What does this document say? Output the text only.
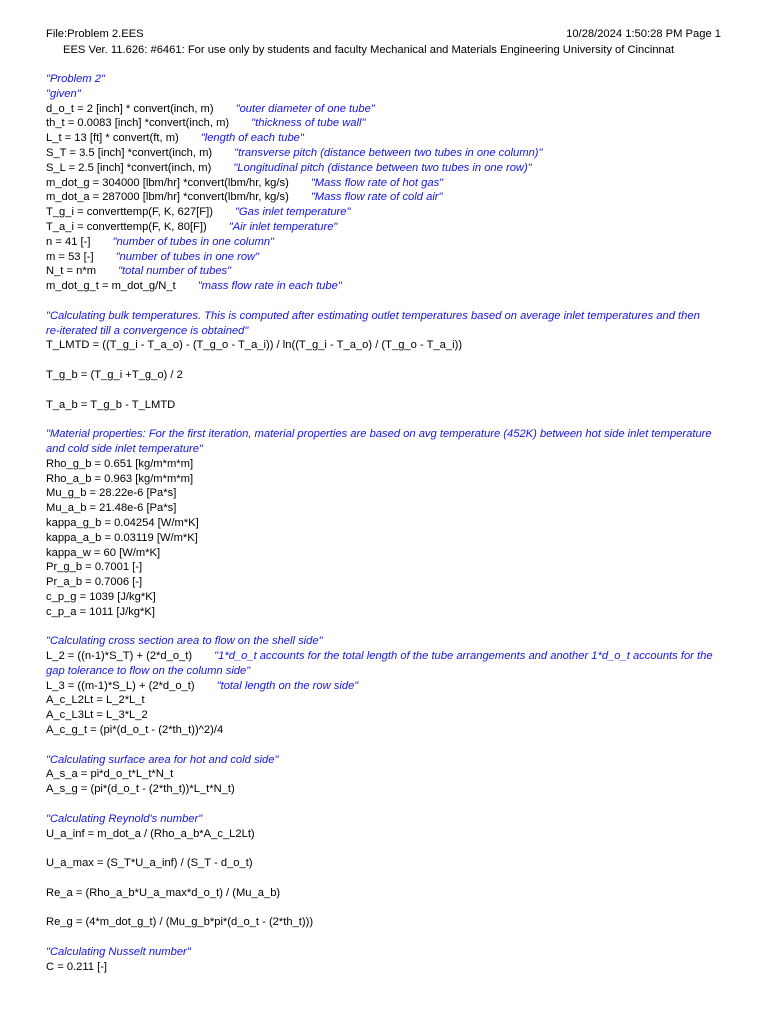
File:Problem 2.EES	10/28/2024 1:50:28 PM Page 1
EES Ver. 11.626: #6461: For use only by students and faculty Mechanical and Materials Engineering University of Cincinnat
"Problem 2"
"given"
d_o_t = 2 [inch] * convert(inch, m) "outer diameter of one tube"
th_t = 0.0083 [inch] *convert(inch, m) "thickness of tube wall"
L_t = 13 [ft] * convert(ft, m) "length of each tube"
S_T = 3.5 [inch] *convert(inch, m) "transverse pitch (distance between two tubes in one column)"
S_L = 2.5 [inch] *convert(inch, m) "Longitudinal pitch (distance between two tubes in one row)"
m_dot_g = 304000 [lbm/hr] *convert(lbm/hr, kg/s) "Mass flow rate of hot gas"
m_dot_a = 287000 [lbm/hr] *convert(lbm/hr, kg/s) "Mass flow rate of cold air"
T_g_i = converttemp(F, K, 627[F]) "Gas inlet temperature"
T_a_i = converttemp(F, K, 80[F]) "Air inlet temperature"
n = 41 [-] "number of tubes in one column"
m = 53 [-] "number of tubes in one row"
N_t = n*m "total number of tubes"
m_dot_g_t = m_dot_g/N_t "mass flow rate in each tube"
"Calculating bulk temperatures. This is computed after estimating outlet temperatures based on average inlet temperatures and then re-iterated till a convergence is obtained"
T_LMTD = ((T_g_i - T_a_o) - (T_g_o - T_a_i)) / ln((T_g_i - T_a_o) / (T_g_o - T_a_i))
T_g_b = (T_g_i +T_g_o) / 2
T_a_b = T_g_b - T_LMTD
"Material properties: For the first iteration, material properties are based on avg temperature (452K) between hot side inlet temperature and cold side inlet temperature"
Rho_g_b = 0.651 [kg/m*m*m]
Rho_a_b = 0.963 [kg/m*m*m]
Mu_g_b = 28.22e-6 [Pa*s]
Mu_a_b = 21.48e-6 [Pa*s]
kappa_g_b = 0.04254 [W/m*K]
kappa_a_b = 0.03119 [W/m*K]
kappa_w = 60 [W/m*K]
Pr_g_b = 0.7001 [-]
Pr_a_b = 0.7006 [-]
c_p_g = 1039 [J/kg*K]
c_p_a = 1011 [J/kg*K]
"Calculating cross section area to flow on the shell side"
L_2 = ((n-1)*S_T) + (2*d_o_t) "1*d_o_t accounts for the total length of the tube arrangements and another 1*d_o_t accounts for the gap tolerance to flow on the column side"
L_3 = ((m-1)*S_L) + (2*d_o_t) "total length on the row side"
A_c_L2Lt = L_2*L_t
A_c_L3Lt = L_3*L_2
A_c_g_t = (pi*(d_o_t - (2*th_t))^2)/4
"Calculating surface area for hot and cold side"
A_s_a = pi*d_o_t*L_t*N_t
A_s_g = (pi*(d_o_t - (2*th_t))*L_t*N_t)
"Calculating Reynold's number"
U_a_inf = m_dot_a / (Rho_a_b*A_c_L2Lt)
U_a_max = (S_T*U_a_inf) / (S_T - d_o_t)
Re_a = (Rho_a_b*U_a_max*d_o_t) / (Mu_a_b)
Re_g = (4*m_dot_g_t) / (Mu_g_b*pi*(d_o_t - (2*th_t)))
"Calculating Nusselt number"
C = 0.211 [-]
